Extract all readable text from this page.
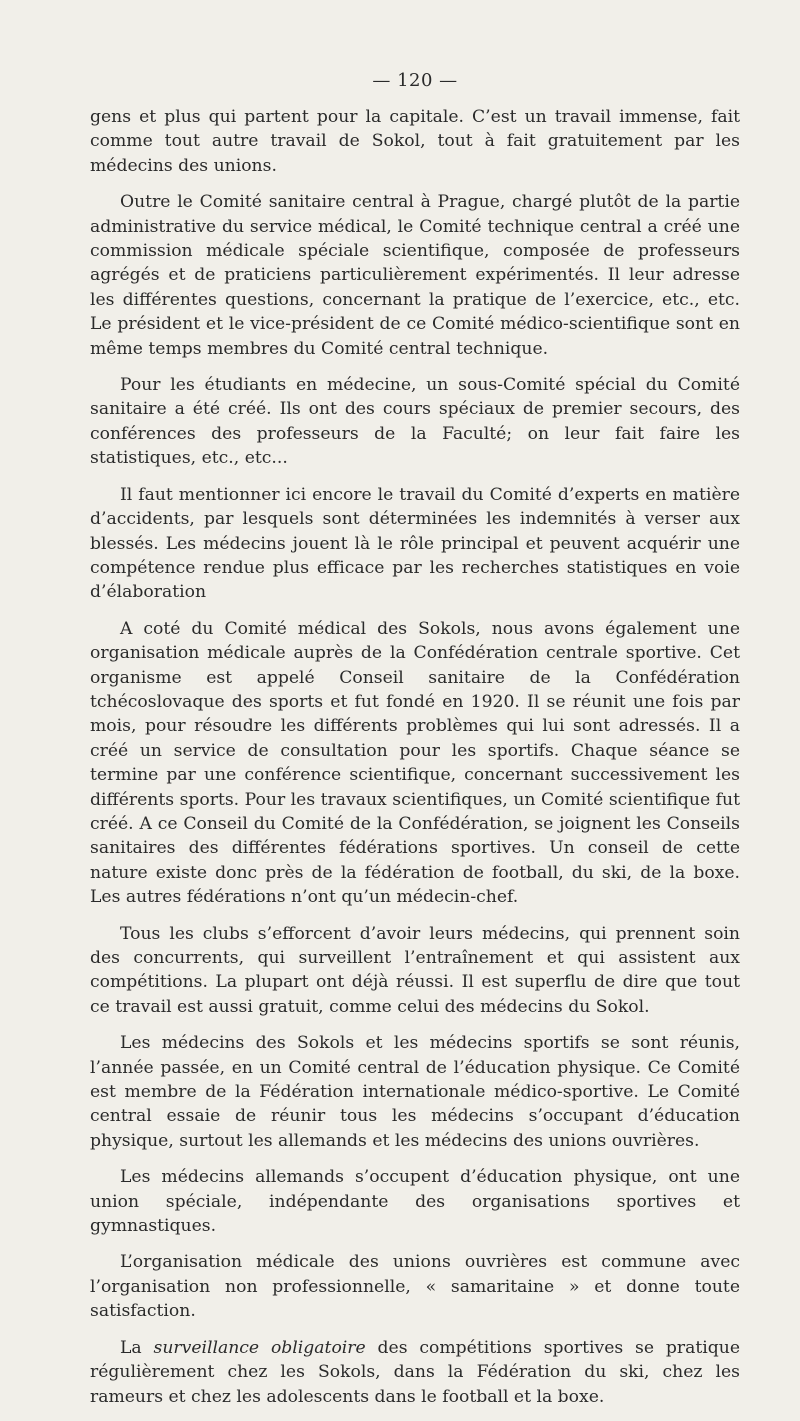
— 120 —

gens et plus qui partent pour la capitale. C’est un travail immense, fait comme tout autre travail de Sokol, tout à fait gratuitement par les médecins des unions.

Outre le Comité sanitaire central à Prague, chargé plutôt de la partie administrative du service médical, le Comité technique central a créé une commission médicale spéciale scientifique, composée de professeurs agrégés et de praticiens particulièrement expérimentés. Il leur adresse les différentes questions, concernant la pratique de l’exercice, etc., etc. Le président et le vice-président de ce Comité médico-scientifique sont en même temps membres du Comité central technique.

Pour les étudiants en médecine, un sous-Comité spécial du Comité sanitaire a été créé. Ils ont des cours spéciaux de premier secours, des conférences des professeurs de la Faculté; on leur fait faire les statistiques, etc., etc...

Il faut mentionner ici encore le travail du Comité d’experts en matière d’accidents, par lesquels sont déterminées les indemnités à verser aux blessés. Les médecins jouent là le rôle principal et peuvent acquérir une compétence rendue plus efficace par les recherches statistiques en voie d’élaboration

A coté du Comité médical des Sokols, nous avons également une organisation médicale auprès de la Confédération centrale sportive. Cet organisme est appelé Conseil sanitaire de la Confédération tchécoslovaque des sports et fut fondé en 1920. Il se réunit une fois par mois, pour résoudre les différents problèmes qui lui sont adressés. Il a créé un service de consultation pour les sportifs. Chaque séance se termine par une conférence scientifique, concernant successivement les différents sports. Pour les travaux scientifiques, un Comité scientifique fut créé. A ce Conseil du Comité de la Confédération, se joignent les Conseils sanitaires des différentes fédérations sportives. Un conseil de cette nature existe donc près de la fédération de football, du ski, de la boxe. Les autres fédérations n’ont qu’un médecin-chef.

Tous les clubs s’efforcent d’avoir leurs médecins, qui prennent soin des concurrents, qui surveillent l’entraînement et qui assistent aux compétitions. La plupart ont déjà réussi. Il est superflu de dire que tout ce travail est aussi gratuit, comme celui des médecins du Sokol.

Les médecins des Sokols et les médecins sportifs se sont réunis, l’année passée, en un Comité central de l’éducation physique. Ce Comité est membre de la Fédération internationale médico-sportive. Le Comité central essaie de réunir tous les médecins s’occupant d’éducation physique, surtout les allemands et les médecins des unions ouvrières.

Les médecins allemands s’occupent d’éducation physique, ont une union spéciale, indépendante des organisations sportives et gymnastiques.

L’organisation médicale des unions ouvrières est commune avec l’organisation non professionnelle, « samaritaine » et donne toute satisfaction.

La surveillance obligatoire des compétitions sportives se pratique régulièrement chez les Sokols, dans la Fédération du ski, chez les rameurs et chez les adolescents dans le football et la boxe.
